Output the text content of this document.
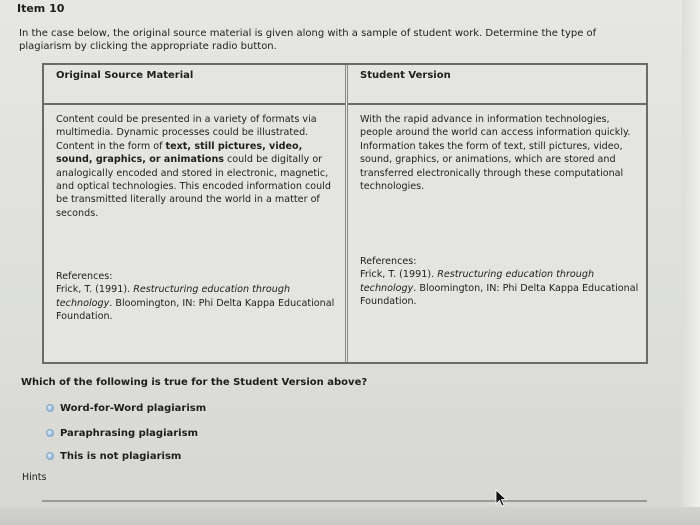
Item 10
In the case below, the original source material is given along with a sample of student work. Determine the type of plagiarism by clicking the appropriate radio button.
Original Source Material
Content could be presented in a variety of formats via multimedia. Dynamic processes could be illustrated. Content in the form of text, still pictures, video, sound, graphics, or animations could be digitally or analogically encoded and stored in electronic, magnetic, and optical technologies. This encoded information could be transmitted literally around the world in a matter of seconds.
References:
Frick, T. (1991). Restructuring education through technology. Bloomington, IN: Phi Delta Kappa Educational Foundation.
Student Version
With the rapid advance in information technologies, people around the world can access information quickly. Information takes the form of text, still pictures, video, sound, graphics, or animations, which are stored and transferred electronically through these computational technologies.
References:
Frick, T. (1991). Restructuring education through technology. Bloomington, IN: Phi Delta Kappa Educational Foundation.
Which of the following is true for the Student Version above?
Word-for-Word plagiarism
Paraphrasing plagiarism
This is not plagiarism
Hints
